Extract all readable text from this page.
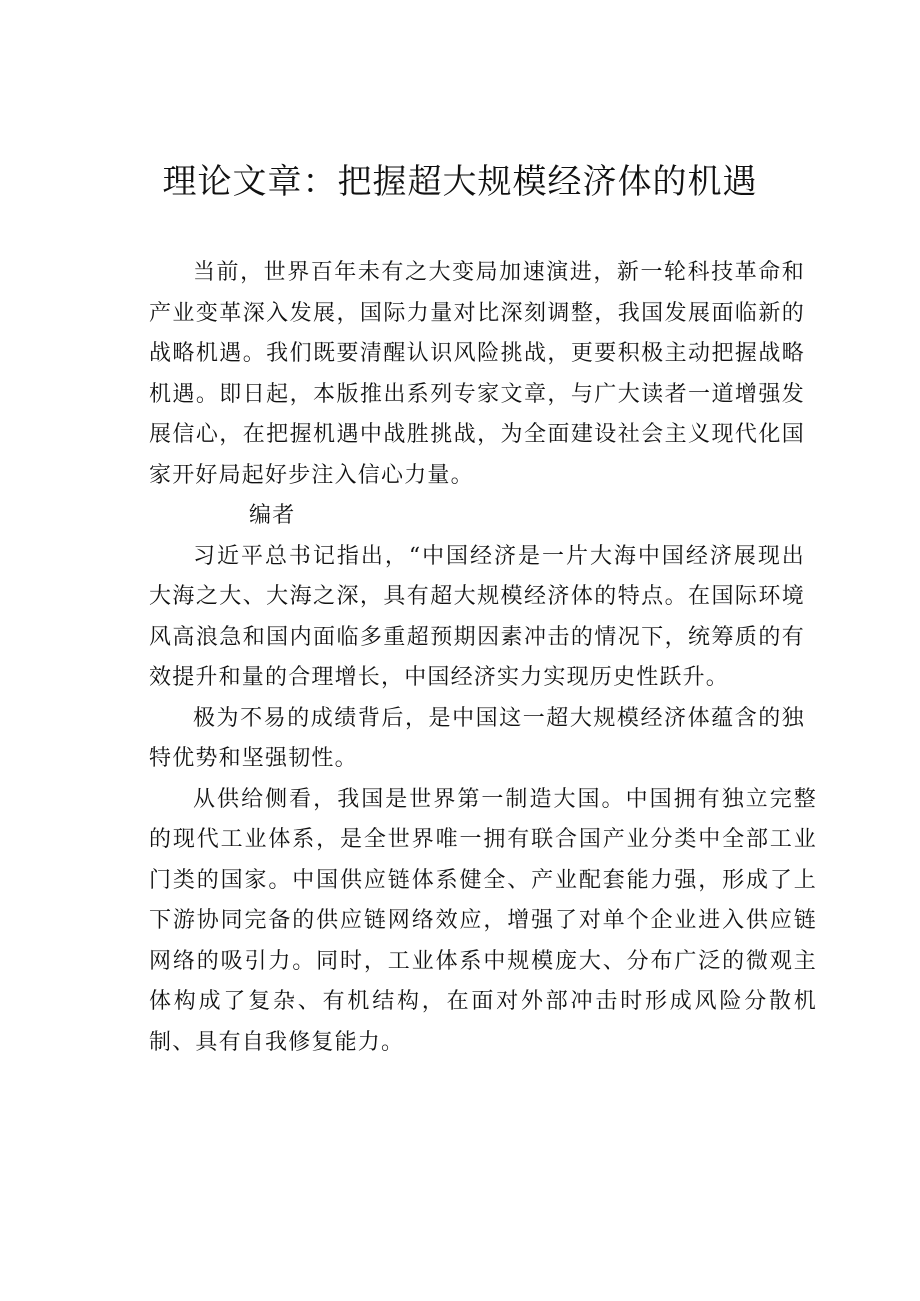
理论文章：把握超大规模经济体的机遇

当前，世界百年未有之大变局加速演进，新一轮科技革命和产业变革深入发展，国际力量对比深刻调整，我国发展面临新的战略机遇。我们既要清醒认识风险挑战，更要积极主动把握战略机遇。即日起，本版推出系列专家文章，与广大读者一道增强发展信心，在把握机遇中战胜挑战，为全面建设社会主义现代化国家开好局起好步注入信心力量。

编者

习近平总书记指出，“中国经济是一片大海中国经济展现出大海之大、大海之深，具有超大规模经济体的特点。在国际环境风高浪急和国内面临多重超预期因素冲击的情况下，统筹质的有效提升和量的合理增长，中国经济实力实现历史性跃升。

极为不易的成绩背后，是中国这一超大规模经济体蕴含的独特优势和坚强韧性。

从供给侧看，我国是世界第一制造大国。中国拥有独立完整的现代工业体系，是全世界唯一拥有联合国产业分类中全部工业门类的国家。中国供应链体系健全、产业配套能力强，形成了上下游协同完备的供应链网络效应，增强了对单个企业进入供应链网络的吸引力。同时，工业体系中规模庞大、分布广泛的微观主体构成了复杂、有机结构，在面对外部冲击时形成风险分散机制、具有自我修复能力。
